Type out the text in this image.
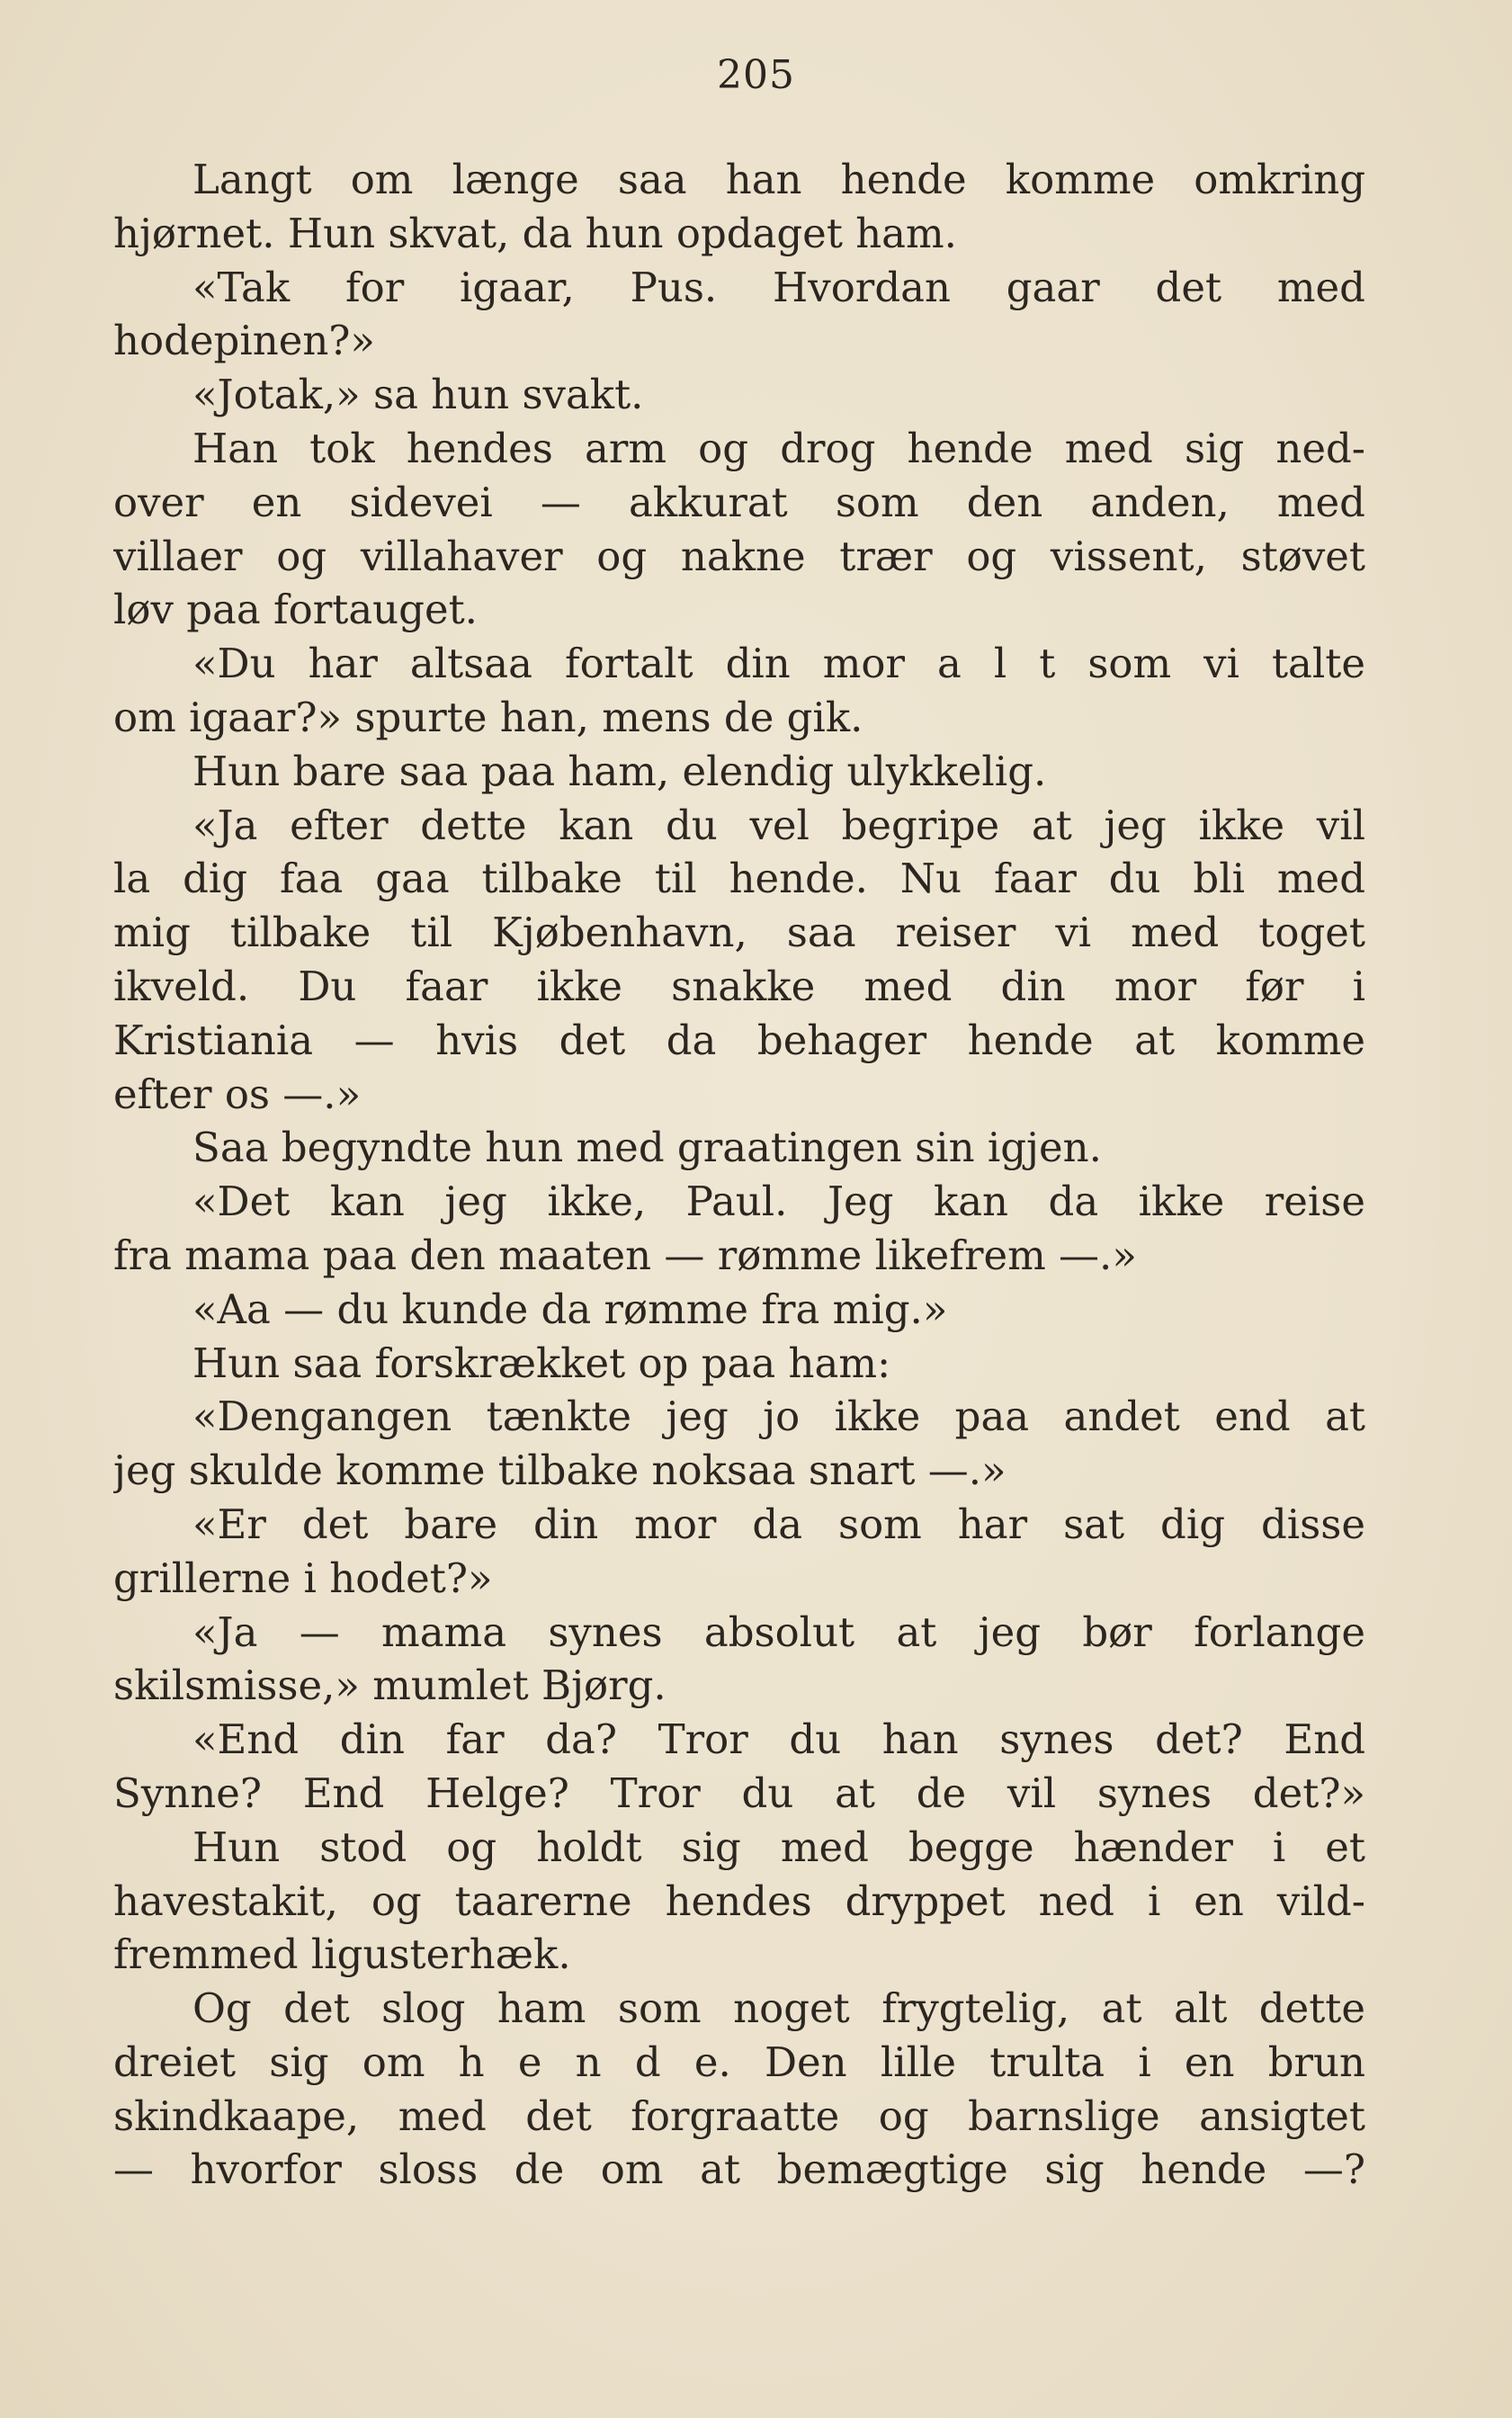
205
Langt om længe saa han hende komme omkring
hjørnet. Hun skvat, da hun opdaget ham.
«Tak for igaar, Pus. Hvordan gaar det med
hodepinen?»
«Jotak,» sa hun svakt.
Han tok hendes arm og drog hende med sig ned-
over en sidevei — akkurat som den anden, med
villaer og villahaver og nakne trær og vissent, støvet
løv paa fortauget.
«Du har altsaa fortalt din mor a l t som vi talte
om igaar?» spurte han, mens de gik.
Hun bare saa paa ham, elendig ulykkelig.
«Ja efter dette kan du vel begripe at jeg ikke vil
la dig faa gaa tilbake til hende. Nu faar du bli med
mig tilbake til Kjøbenhavn, saa reiser vi med toget
ikveld. Du faar ikke snakke med din mor før i
Kristiania — hvis det da behager hende at komme
efter os —.»
Saa begyndte hun med graatingen sin igjen.
«Det kan jeg ikke, Paul. Jeg kan da ikke reise
fra mama paa den maaten — rømme likefrem —.»
«Aa — du kunde da rømme fra mig.»
Hun saa forskrækket op paa ham:
«Dengangen tænkte jeg jo ikke paa andet end at
jeg skulde komme tilbake noksaa snart —.»
«Er det bare din mor da som har sat dig disse
grillerne i hodet?»
«Ja — mama synes absolut at jeg bør forlange
skilsmisse,» mumlet Bjørg.
«End din far da? Tror du han synes det? End
Synne? End Helge? Tror du at de vil synes det?»
Hun stod og holdt sig med begge hænder i et
havestakit, og taarerne hendes dryppet ned i en vild-
fremmed ligusterhæk.
Og det slog ham som noget frygtelig, at alt dette
dreiet sig om h e n d e. Den lille trulta i en brun
skindkaape, med det forgraatte og barnslige ansigtet
— hvorfor sloss de om at bemægtige sig hende —?
